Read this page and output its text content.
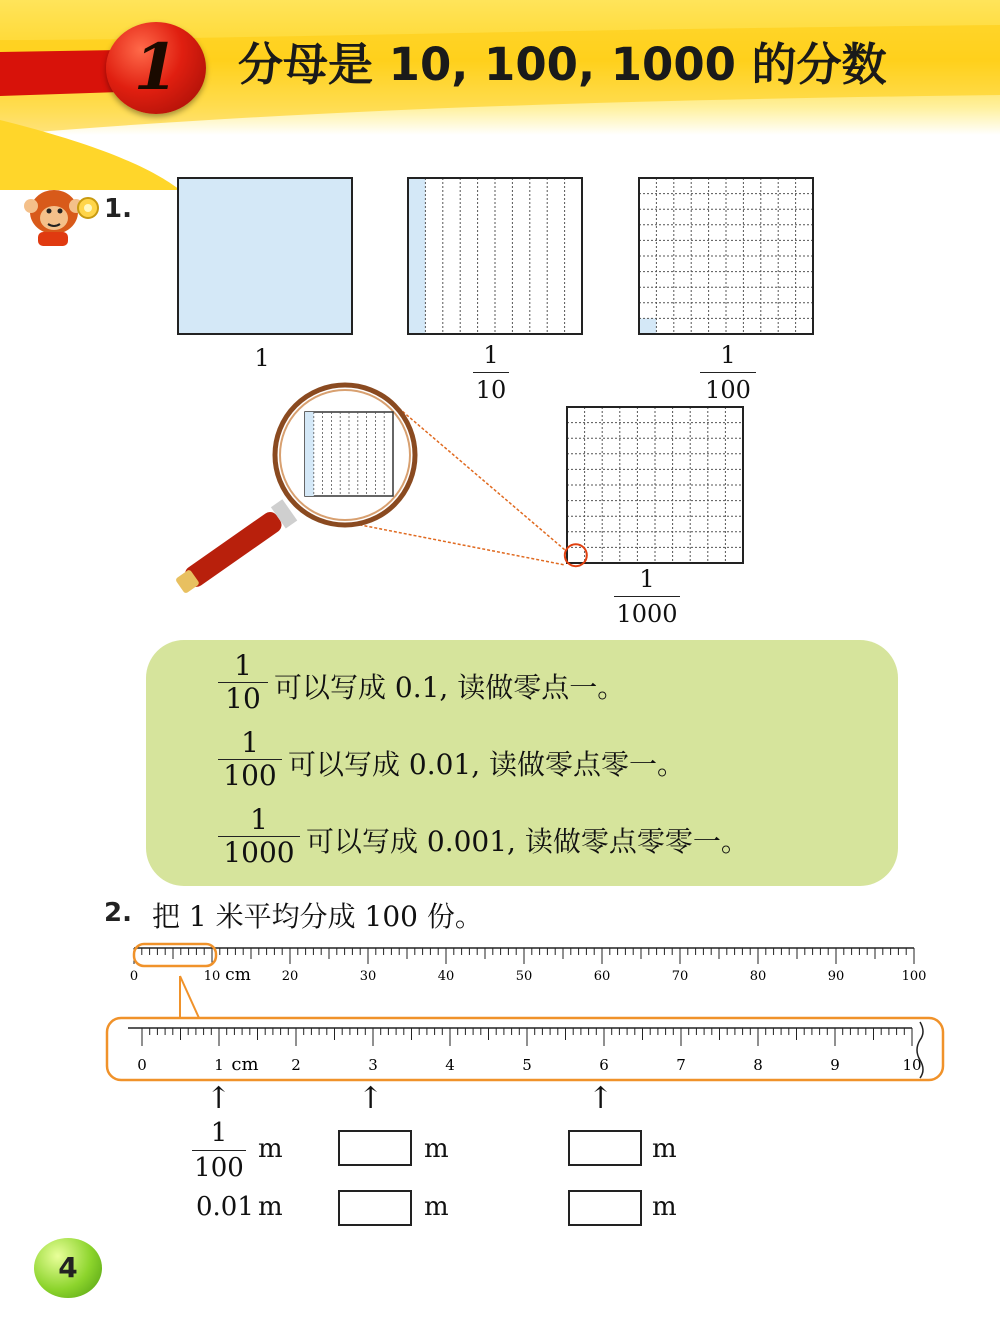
1	分母是 10, 100, 1000 的分数
1.
1	1
10
1
100
1
1000
1
10 可以写成 0.1, 读做零点一。
1
100 可以写成 0.01, 读做零点零一。
1
1000 可以写成 0.001, 读做零点零零一。
2. 把 1 米平均分成 100 份。
0	10 cm 20	30	40	50	60	70	80	90	100
0	1 cm 2	3	4	5	6	7	8	9	10
↑	↑	↑
1
100
m	m	m
0.01 m	m	m
4
